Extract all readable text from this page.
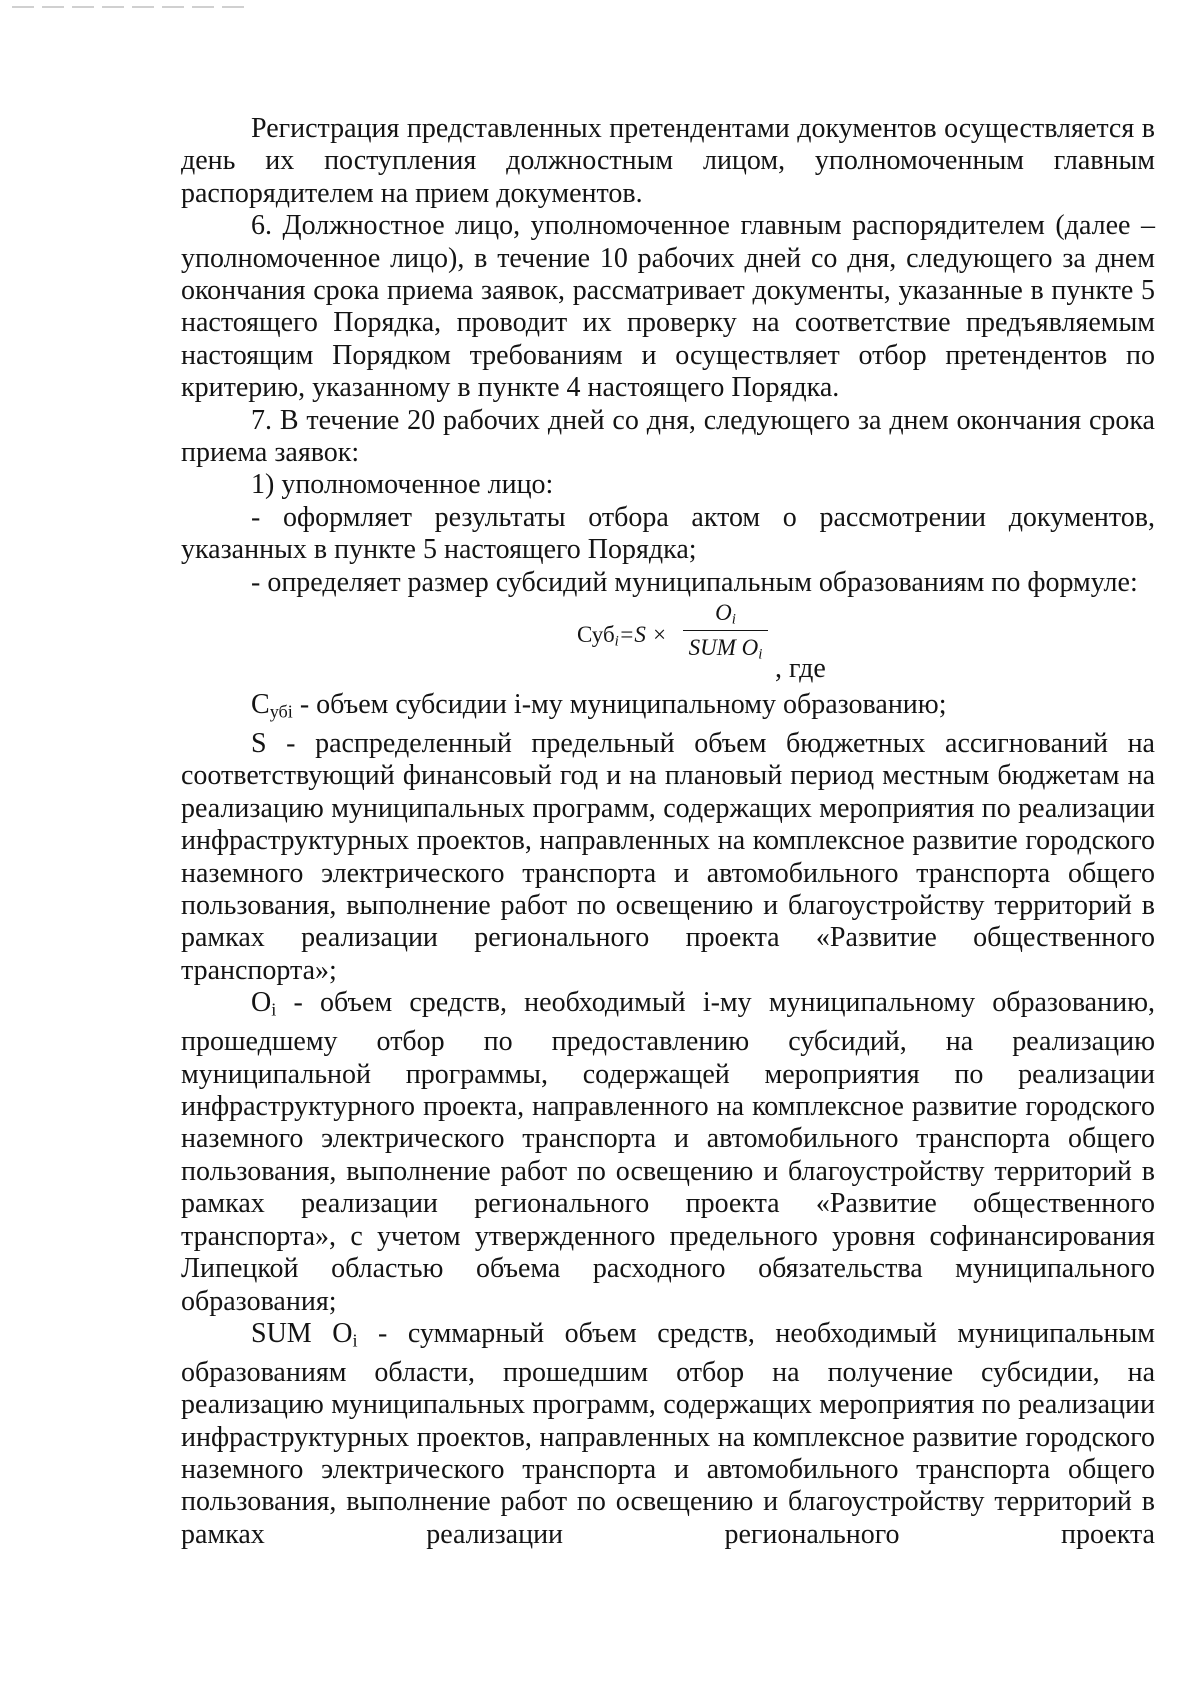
Регистрация представленных претендентами документов осуществляется в день их поступления должностным лицом, уполномоченным главным распорядителем на прием документов.

6. Должностное лицо, уполномоченное главным распорядителем (далее – уполномоченное лицо), в течение 10 рабочих дней со дня, следующего за днем окончания срока приема заявок, рассматривает документы, указанные в пункте 5 настоящего Порядка, проводит их проверку на соответствие предъявляемым настоящим Порядком требованиям и осуществляет отбор претендентов по критерию, указанному в пункте 4 настоящего Порядка.

7. В течение 20 рабочих дней со дня, следующего за днем окончания срока приема заявок:

1) уполномоченное лицо:

- оформляет результаты отбора актом о рассмотрении документов, указанных в пункте 5 настоящего Порядка;

- определяет размер субсидий муниципальным образованиям по формуле:

Суб$_i$=S ×
$O_i$
SUM $O_i$ , где

$С_{убi}$ - объем субсидии i-му муниципальному образованию;

S - распределенный предельный объем бюджетных ассигнований на соответствующий финансовый год и на плановый период местным бюджетам на реализацию муниципальных программ, содержащих мероприятия по реализации инфраструктурных проектов, направленных на комплексное развитие городского наземного электрического транспорта и автомобильного транспорта общего пользования, выполнение работ по освещению и благоустройству территорий в рамках реализации регионального проекта «Развитие общественного транспорта»;

$O_i$ - объем средств, необходимый i-му муниципальному образованию, прошедшему отбор по предоставлению субсидий, на реализацию муниципальной программы, содержащей мероприятия по реализации инфраструктурного проекта, направленного на комплексное развитие городского наземного электрического транспорта и автомобильного транспорта общего пользования, выполнение работ по освещению и благоустройству территорий в рамках реализации регионального проекта «Развитие общественного транспорта», с учетом утвержденного предельного уровня софинансирования Липецкой областью объема расходного обязательства муниципального образования;

SUM $O_i$ - суммарный объем средств, необходимый муниципальным образованиям области, прошедшим отбор на получение субсидии, на реализацию муниципальных программ, содержащих мероприятия по реализации инфраструктурных проектов, направленных на комплексное развитие городского наземного электрического транспорта и автомобильного транспорта общего пользования, выполнение работ по освещению и благоустройству территорий в рамках реализации регионального проекта
